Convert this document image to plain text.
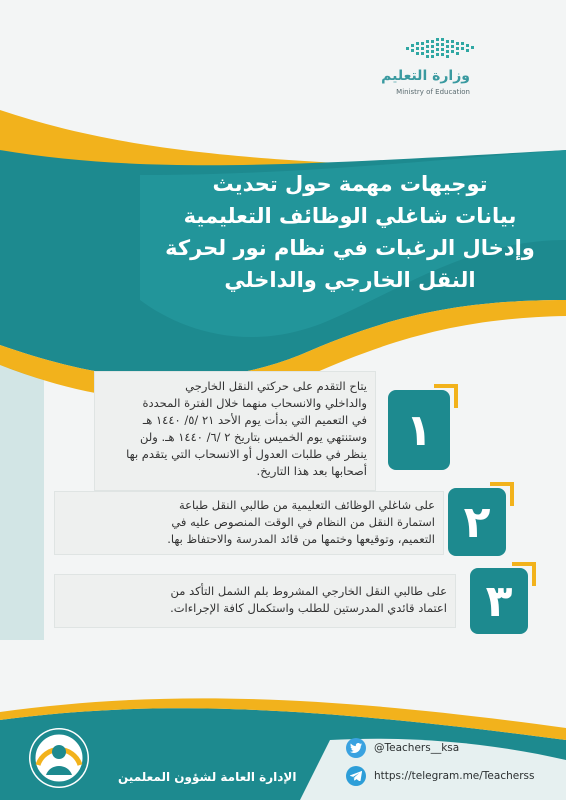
وزارة التعليم
Ministry of Education
توجيهات مهمة حول تحديث
بيانات شاغلي الوظائف التعليمية
وإدخال الرغبات في نظام نور لحركة
النقل الخارجي والداخلي
يتاح التقدم على حركتي النقل الخارجي
والداخلي والانسحاب منهما خلال الفترة المحددة
في التعميم التي بدأت يوم الأحد ٢١ /٥/ ١٤٤٠ هـ
وستنتهي يوم الخميس بتاريخ ٢ /٦/ ١٤٤٠ هـ. ولن
ينظر في طلبات العدول أو الانسحاب التي يتقدم بها
أصحابها بعد هذا التاريخ.
١
على شاغلي الوظائف التعليمية من طالبي النقل طباعة
استمارة النقل من النظام في الوقت المنصوص عليه في
التعميم، وتوقيعها وختمها من قائد المدرسة والاحتفاظ بها. ٢
على طالبي النقل الخارجي المشروط بلم الشمل التأكد من
اعتماد قائدي المدرستين للطلب واستكمال كافة الإجراءات. ٣
الإدارة العامة لشؤون المعلمين
@Teachers__ksa
https://telegram.me/Teacherss
